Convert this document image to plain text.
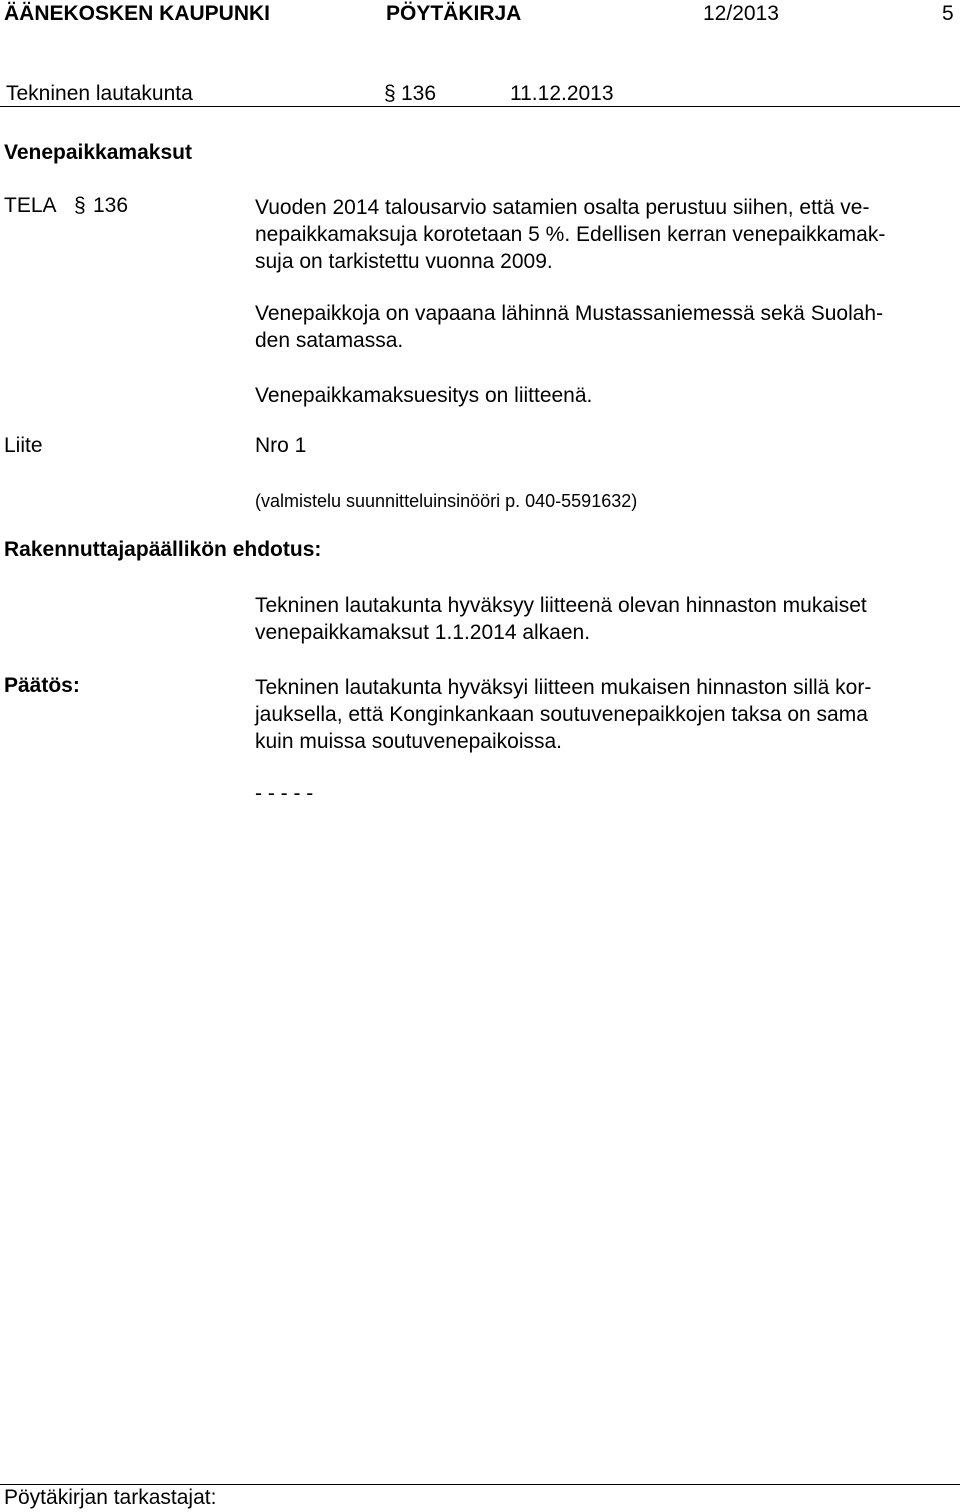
ÄÄNEKOSKEN KAUPUNKI	PÖYTÄKIRJA	12/2013	5
Tekninen lautakunta	§ 136	11.12.2013
Venepaikkamaksut
TELA § 136	Vuoden 2014 talousarvio satamien osalta perustuu siihen, että ve-
nepaikkamaksuja korotetaan 5 %. Edellisen kerran venepaikkamak-
suja on tarkistettu vuonna 2009.
Venepaikkoja on vapaana lähinnä Mustassaniemessä sekä Suolah-
den satamassa.
Venepaikkamaksuesitys on liitteenä.
Liite	Nro 1
(valmistelu suunnitteluinsinööri p. 040-5591632)
Rakennuttajapäällikön ehdotus:
Tekninen lautakunta hyväksyy liitteenä olevan hinnaston mukaiset
venepaikkamaksut 1.1.2014 alkaen.
Päätös:	Tekninen lautakunta hyväksyi liitteen mukaisen hinnaston sillä kor-
jauksella, että Konginkankaan soutuvenepaikkojen taksa on sama
kuin muissa soutuvenepaikoissa.
- - - - -
Pöytäkirjan tarkastajat:
